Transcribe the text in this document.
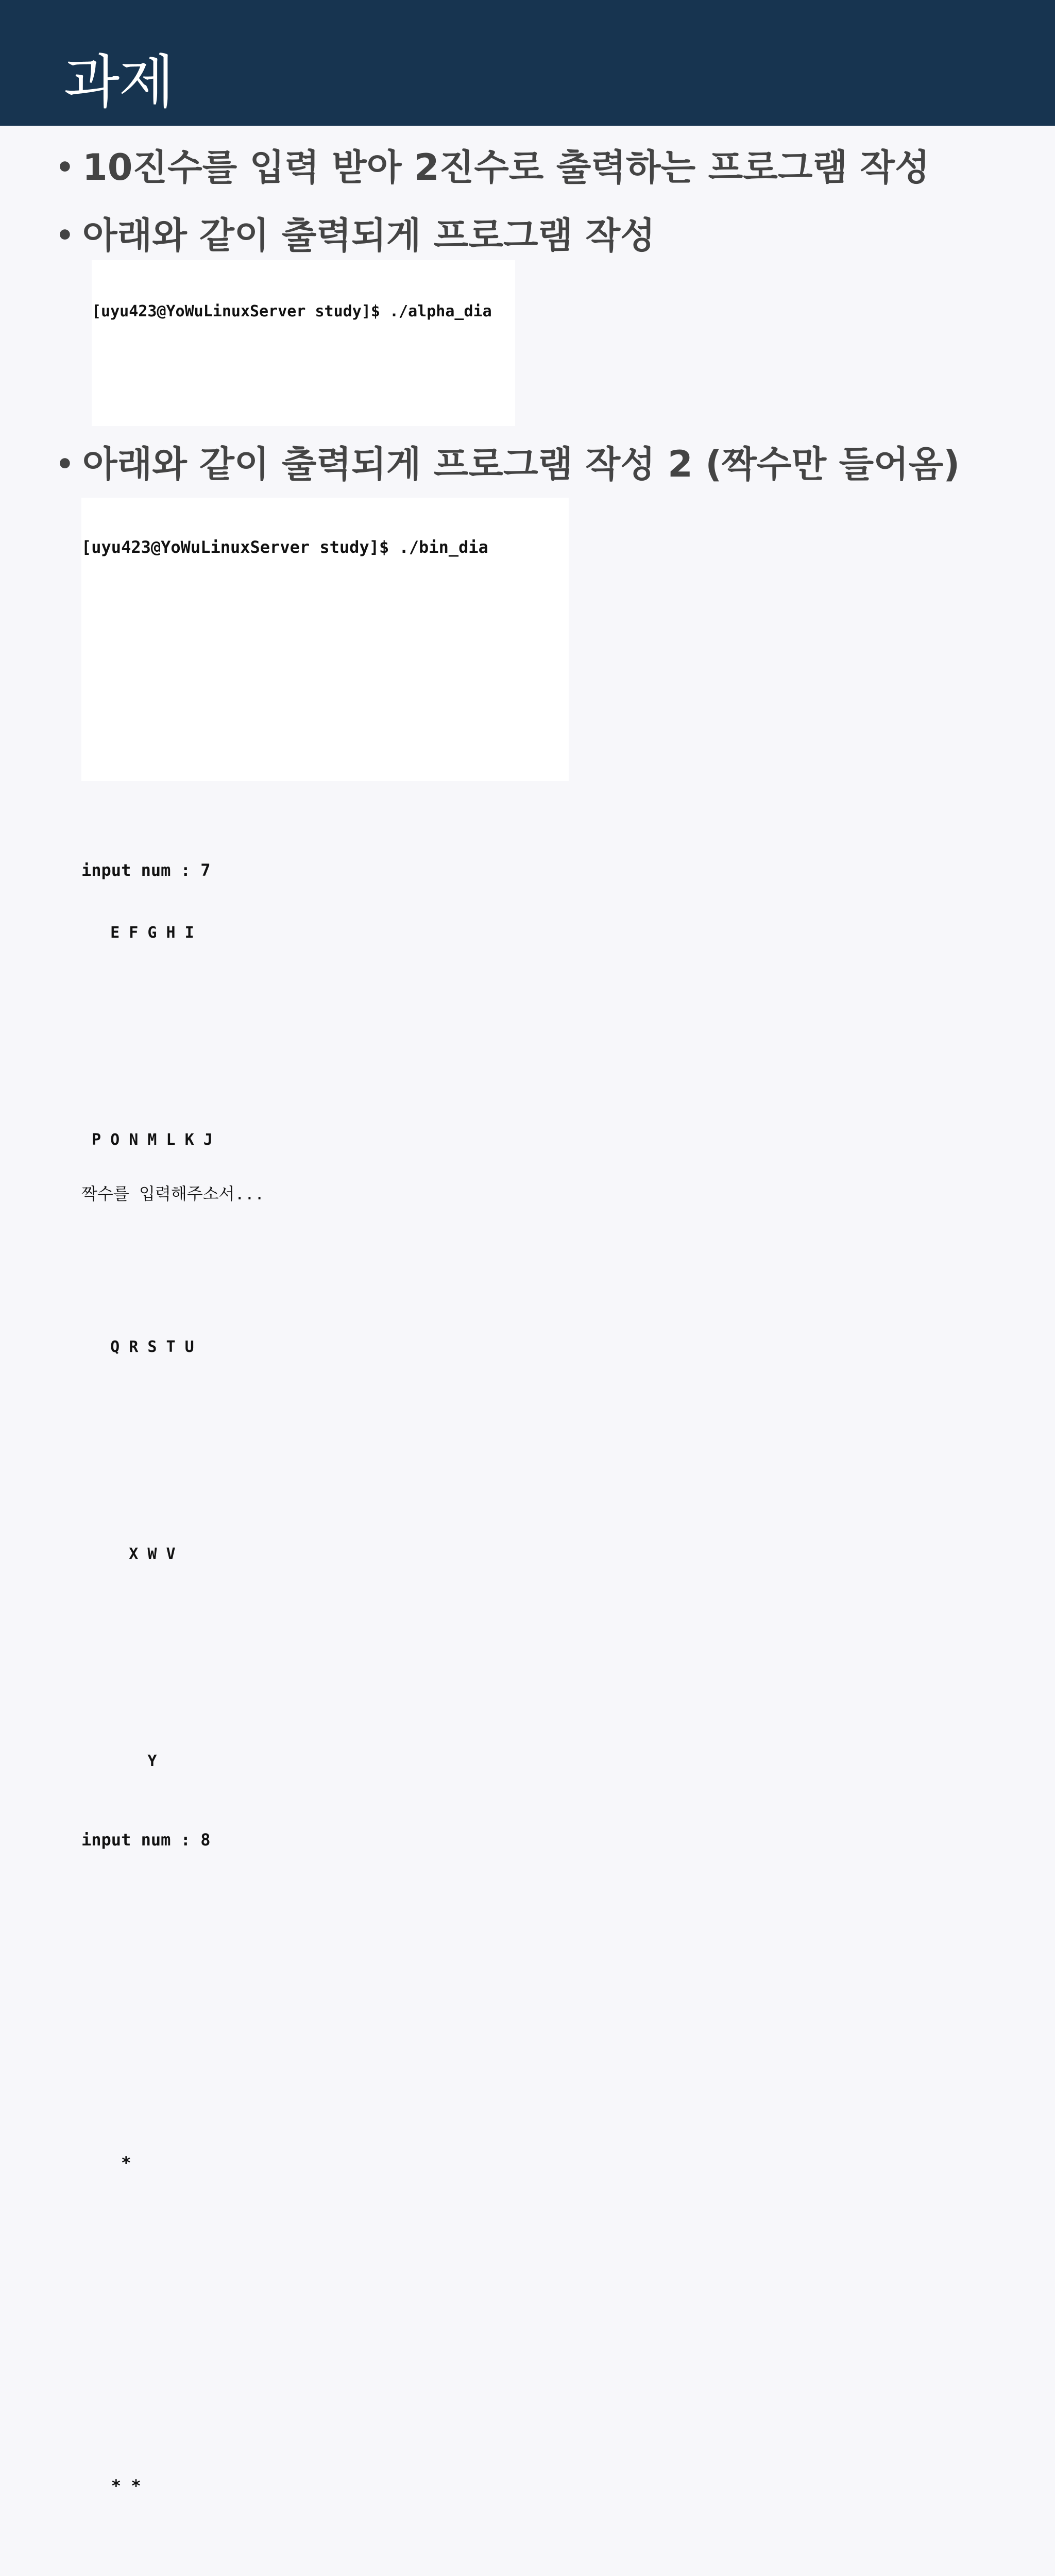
과제
• 10진수를 입력 받아 2진수로 출력하는 프로그램 작성
• 아래와 같이 출력되게 프로그램 작성

[uyu423@YoWuLinuxServer study]$ ./alpha_dia

E F G H I

P O N M L K J

Q R S T U

X W V

Y

• 아래와 같이 출력되게 프로그램 작성 2 (짝수만 들어옴)

[uyu423@YoWuLinuxServer study]$ ./bin_dia

input num : 7

짝수를 입력해주소서...

input num : 8

*

* *
